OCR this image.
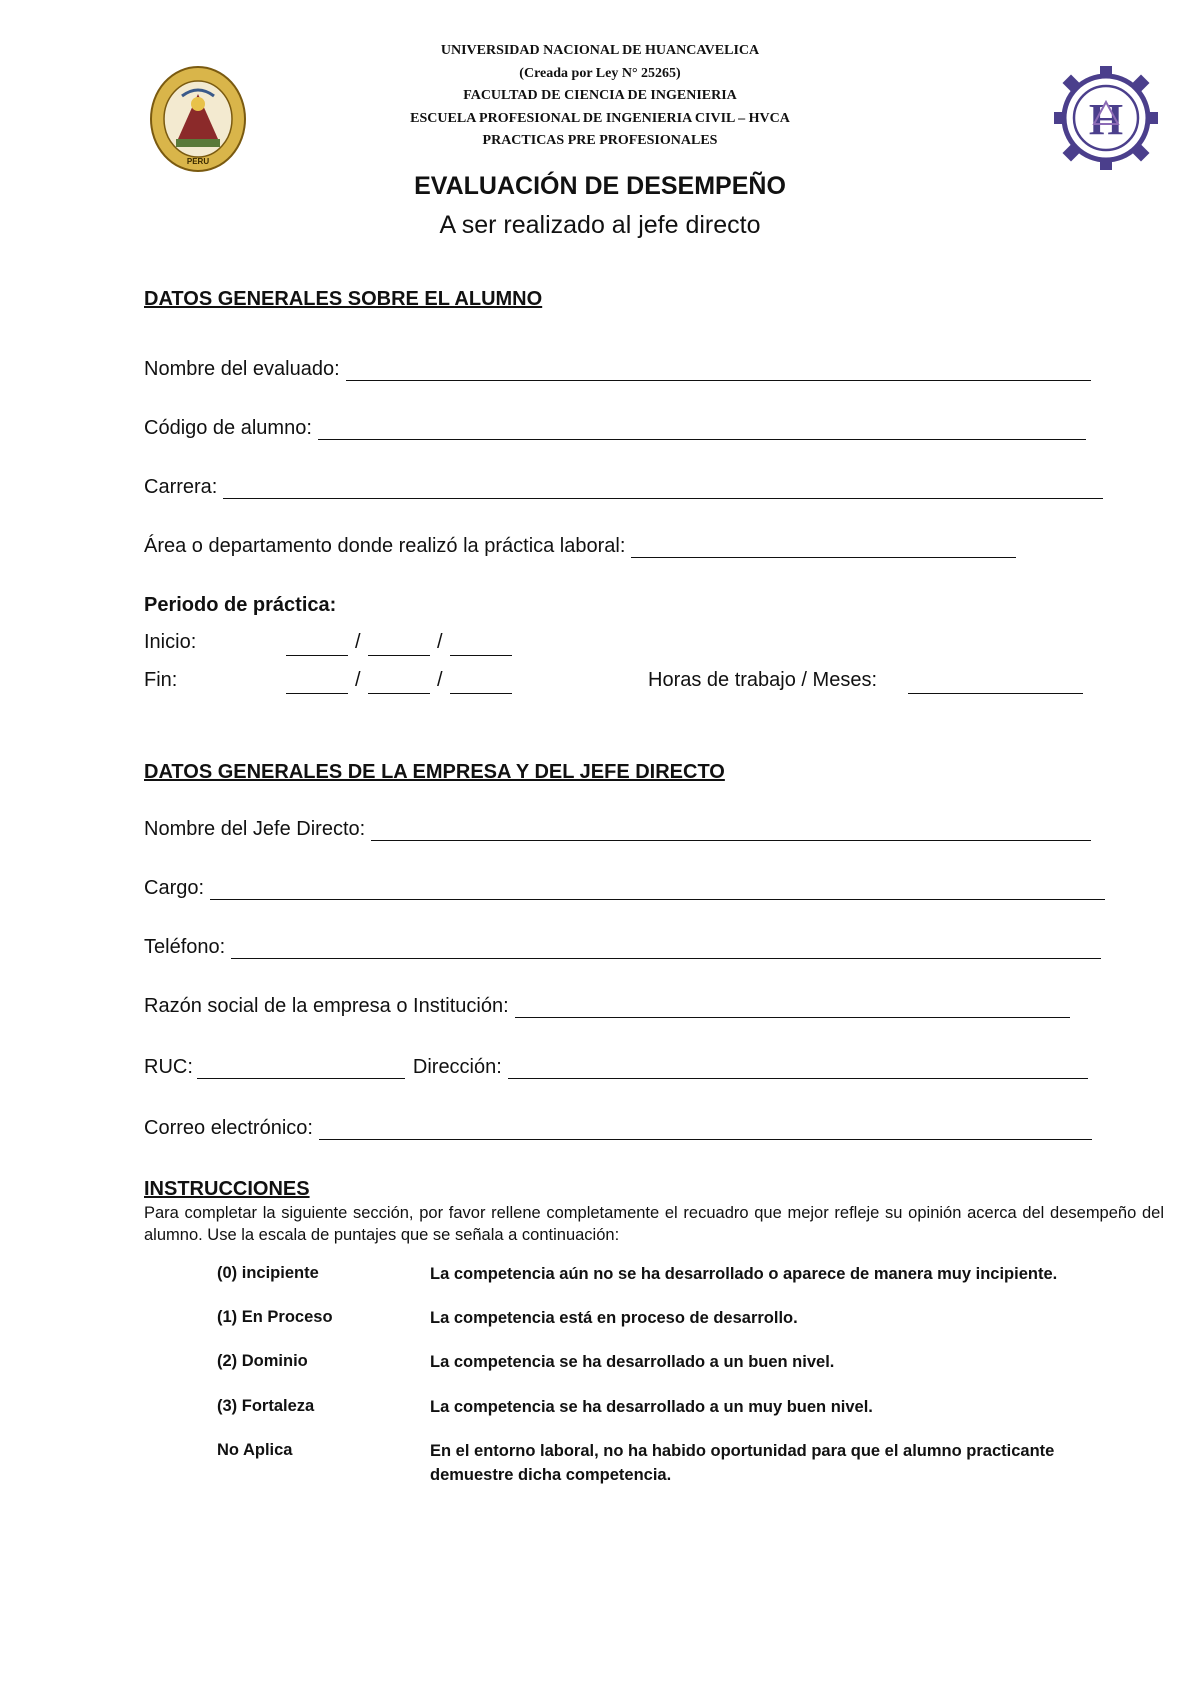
PERU
H
UNIVERSIDAD NACIONAL DE HUANCAVELICA
(Creada por Ley N° 25265)
FACULTAD DE CIENCIA DE INGENIERIA
ESCUELA PROFESIONAL DE INGENIERIA CIVIL – HVCA
PRACTICAS PRE PROFESIONALES
EVALUACIÓN DE DESEMPEÑO
A ser realizado al jefe directo
DATOS GENERALES SOBRE EL ALUMNO
Nombre del evaluado:
Código de alumno:
Carrera:
Área o departamento donde realizó la práctica laboral:
Periodo de práctica:
Inicio:	/	/
Fin:	/	/	Horas de trabajo / Meses:
DATOS GENERALES DE LA EMPRESA Y DEL JEFE DIRECTO
Nombre del Jefe Directo:
Cargo:
Teléfono:
Razón social de la empresa o Institución:
RUC:	Dirección:
Correo electrónico:
INSTRUCCIONES
Para completar la siguiente sección, por favor rellene completamente el recuadro que mejor refleje su opinión acerca del desempeño del alumno. Use la escala de puntajes que se señala a continuación:
(0) incipiente	La competencia aún no se ha desarrollado o aparece de manera muy incipiente.
(1) En Proceso	La competencia está en proceso de desarrollo.
(2) Dominio	La competencia se ha desarrollado a un buen nivel.
(3) Fortaleza	La competencia se ha desarrollado a un muy buen nivel.
No Aplica	En el entorno laboral, no ha habido oportunidad para que el alumno practicante demuestre dicha competencia.
